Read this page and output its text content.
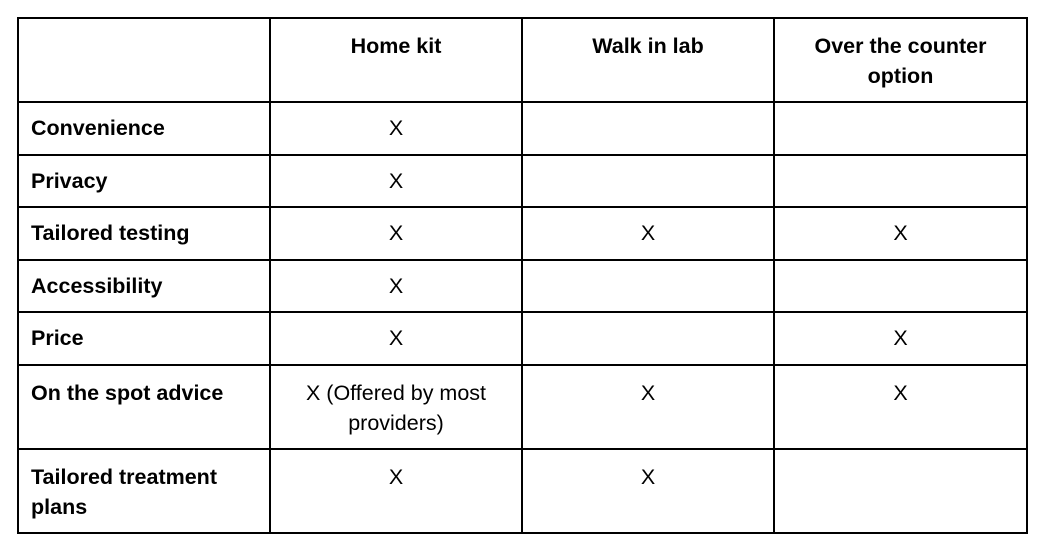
	Home kit	Walk in lab	Over the counter option
Convenience	X		
Privacy	X		
Tailored testing	X	X	X
Accessibility	X		
Price	X		X
On the spot advice	X (Offered by most providers)	X	X
Tailored treatment plans	X	X	
